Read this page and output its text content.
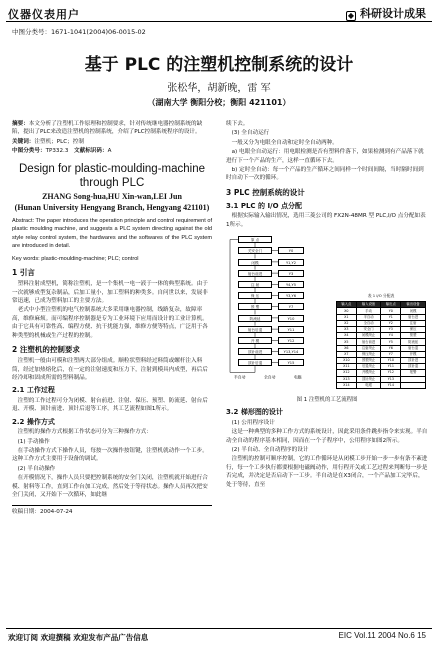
仪器仪表用户	◆ 科研设计成果
中图分类号：1671-1041(2004)06-0015-02
基于 PLC 的注塑机控制系统的设计
张松华，胡新晚，雷 军
（湖南大学 衡阳分校；衡阳 421101）

摘要：本文分析了注塑机工作原理和控制要求，针对传统继电器控制系统的缺陷，提出了PLC来改造注塑机的控制系统，介绍了PLC控制系统程序的设计。

关键词：注塑机；PLC；控制

中图分类号：TP332.3　 文献标识码：A

Design for plastic-moulding-machine through PLC
ZHANG Song-hua,HU Xin-wan,LEI Jun
(Hunan University Hengyang Branch, Hengyang 421101)
Abstract: The paper introduces the operation principle and control requirement of plastic moulding machine, and suggests a PLC system directing against the old style relay control system, the hardwares and the softwares of the PLC system are introduced in detail.
Key words: plastic-moulding-machine; PLC; control
1 引言

塑料注射成型机，简称注塑机，是一个集机一电一液于一体的典型系统。由于一次就够成型复杂制品，后加工量小，加工塑料的种类多。自问世以来，发展非常迅速，已成为塑料加工的主要方法。

老式中小型注塑机的电气控制系统大多采用继电器控制，线路复杂，故障率高，维修麻烦。而可编程序控制器是专为工业环境下应用而设计的工业计算机。由于它具有可靠性高、编程方便、抗干扰能力强，维修方便等特点，广泛用于各种类型的机械或生产过程的控制。

2 注塑机的控制要求

注塑机一般由可模和注塑两大部分组成。顺粒状塑料经过料筒或螺杆注入料筒，经过加热熔化后，在一定的注射速度和压力下，注射到模具内成型，再后后经冷却和固成所需的塑料制品。

2.1 工作过程

注塑的工作过程可分为闭模、射台前进、注射、保压、预塑、防流延、射台后退、开模、顶针前进、顶针后退等工序，其工艺流程如图1所示。

2.2 操作方式

注塑机的操作方式根据工作状态可分为三种操作方式：

(1) 手动操作

在手动操作方式下操作人员，每按一次操作按钮键，注塑机就动作一个工步。这种工作方式主要用于设备的调试。

(2) 半自动操作

在开模情况下，操作人员只要把控制系统的安全门关闭，注塑机就开始进行合模、射料等工作，直到工作台加工完成，然后处于等待状态。操作人员再次把安全门关闭，又开始下一次循环，如此继

收稿日期：2004-07-24

续下去。

(3) 全自动运行

一般又分为电眼全自动和定时全自动两种。

a) 电眼全自动运行：用电眼检测是否有塑料件落下，如果检测到有产品落下就进行下一个产品的生产，这样一直循环下去。

b) 定时全自动：每一个产品的生产循环之间同样一个时间间隔，当时隔时间到时自动下一次的循环。

3 PLC 控制系统的设计
3.1 PLC 的 I/O 点分配

根据实际输入输出情况，选用三菱公司的 FX2N-48MR 型 PLC,I/O 点分配如表1所示。

半自动	全自动	电眼
原 点
关安全门	Y0
闭模	Y1,Y2
射台前进	Y3
注 射	Y4,Y5
保 压	Y3,Y6
预 塑	Y7
防流延	Y10
射台后退	Y11
开 模	Y12
顶针前进	Y13,Y14
顶针后退	Y15
表 1 I/O 分配表
输入点	输入设备	输出点	输出设备
X0	手动	Y0	闭模
X1	半自动	Y1	射台进
X2	全自动	Y2	注射
X3	安全门	Y3	保压
X4	闭模终止	Y4	预塑
X5	射台前进	Y5	防流延
X6	注射终止	Y6	射台退
X7	保压终止	Y7	开模
X10	预塑终止	Y10	顶针进
X11	后退终止	Y11	顶针退
X12	开模终止	Y12	报警
X13	顶针终止	Y13	
X14	电眼	Y14	
图 1 注塑机的工艺流程图
3.2 梯形图的设计

(1) 公用程序设计

这是一种典型的多种工作方式的系统设计，因此采用条件跳步指令来实现。半自动全自动的程序基本相同，因而在一个子程序中，公用程序如图2所示。

(2) 半自动、全自动程序的设计

注塑机的控制可顺序控制，它的工作循环是从闭模工步开始一步一步有条不紊进行，每一个工步执行都要根据电磁阀动作，用行程开关或工艺过程来判断每一步是否完成，并决定是否启动下一工步。半自动是在X3闭合，一个产品加工完毕后，处于等待，直至

欢迎订阅 欢迎撰稿 欢迎发布产品广告信息	EIC Vol.11 2004 No.6 15
